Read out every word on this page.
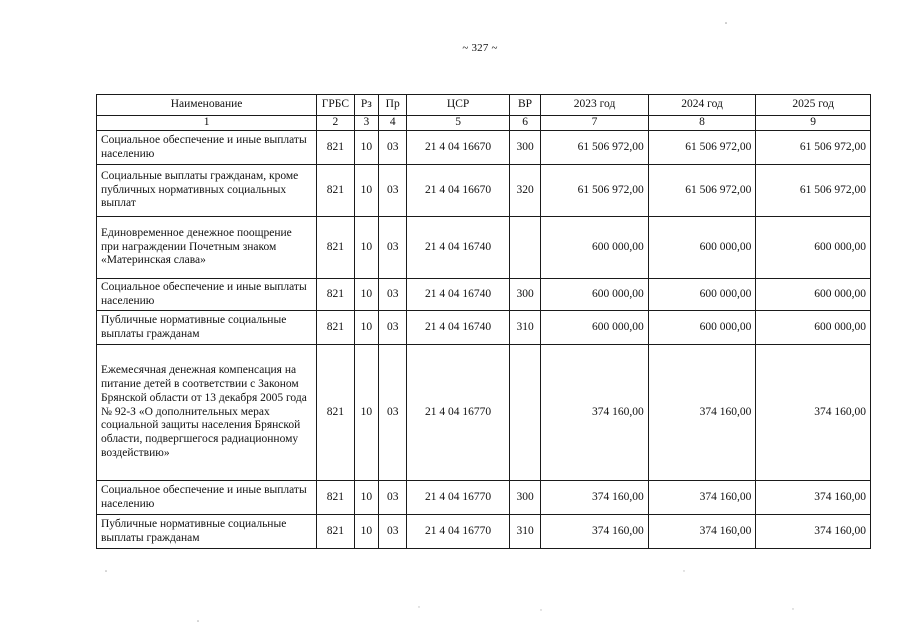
~ 327 ~
Наименование	ГРБС	Рз	Пр	ЦСР	ВР	2023 год	2024 год	2025 год
1	2	3	4	5	6	7	8	9
Социальное обеспечение и иные выплаты населению	821	10	03	21 4 04 16670	300	61 506 972,00	61 506 972,00	61 506 972,00
Социальные выплаты гражданам, кроме публичных нормативных социальных выплат	821	10	03	21 4 04 16670	320	61 506 972,00	61 506 972,00	61 506 972,00
Единовременное денежное поощрение при награждении Почетным знаком «Материнская слава»	821	10	03	21 4 04 16740		600 000,00	600 000,00	600 000,00
Социальное обеспечение и иные выплаты населению	821	10	03	21 4 04 16740	300	600 000,00	600 000,00	600 000,00
Публичные нормативные социальные выплаты гражданам	821	10	03	21 4 04 16740	310	600 000,00	600 000,00	600 000,00
Ежемесячная денежная компенсация на питание детей в соответствии с Законом Брянской области от 13 декабря 2005 года № 92-З «О дополнительных мерах социальной защиты населения Брянской области, подвергшегося радиационному воздействию»	821	10	03	21 4 04 16770		374 160,00	374 160,00	374 160,00
Социальное обеспечение и иные выплаты населению	821	10	03	21 4 04 16770	300	374 160,00	374 160,00	374 160,00
Публичные нормативные социальные выплаты гражданам	821	10	03	21 4 04 16770	310	374 160,00	374 160,00	374 160,00
